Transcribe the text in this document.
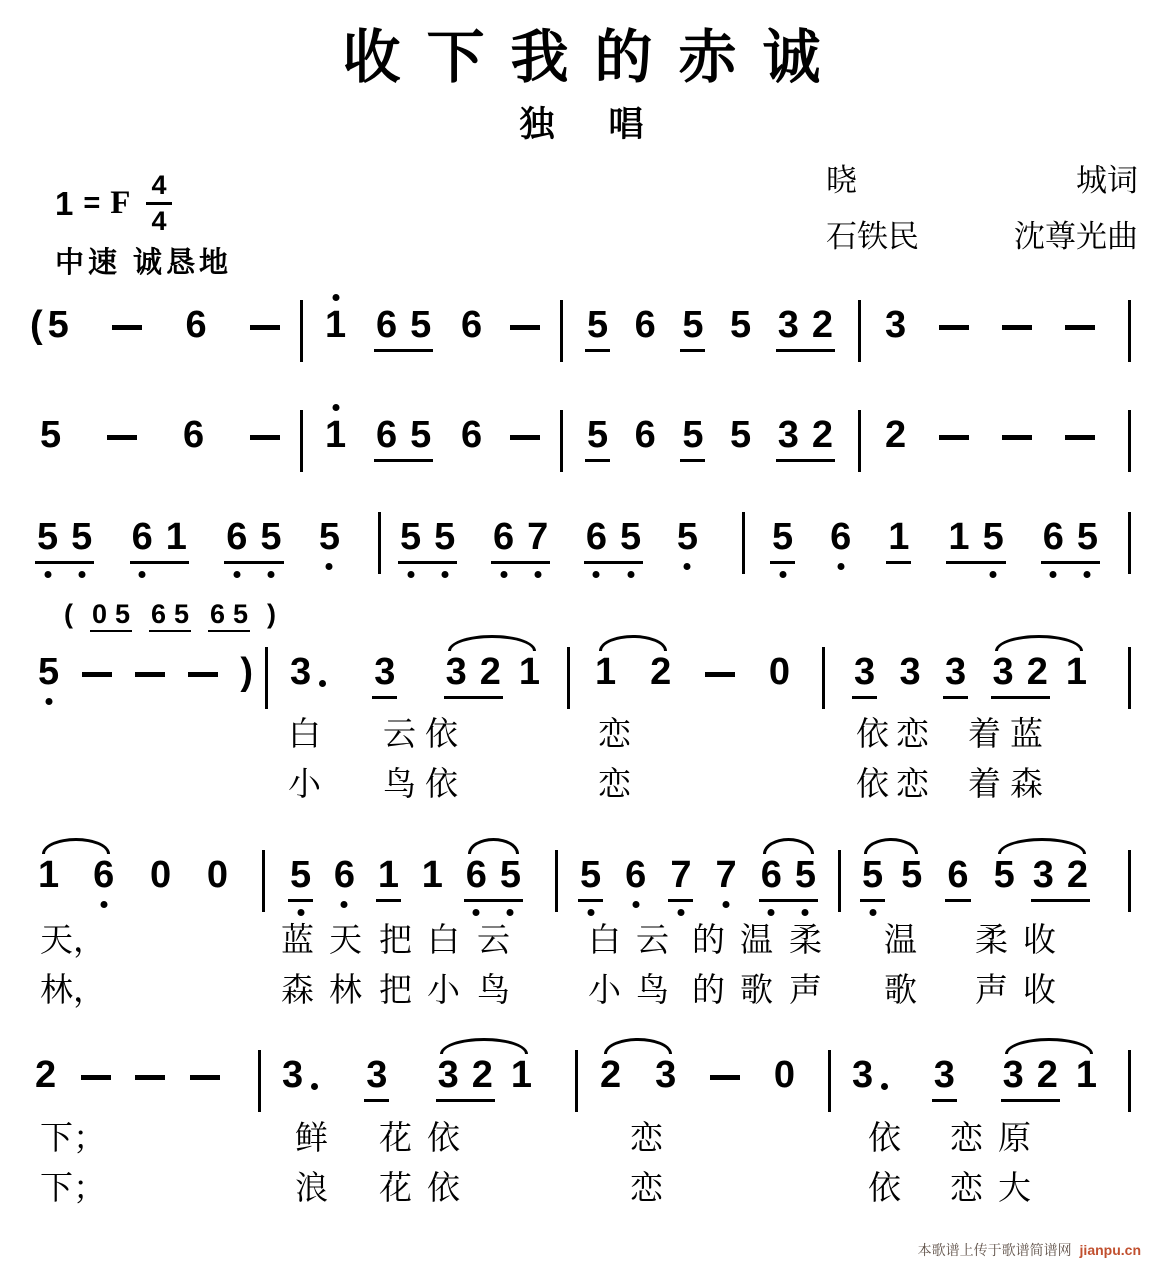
收下我的赤诚
独唱
晓	城词
石铁民	沈尊光曲
1 = F $\frac{4}{4}$
中速 诚恳地
( 5	6	1 6 5 6	5 6 5 5 3 2 3
5	6	1 6 5 6	5 6 5 5 3 2 2
5 5 6 1 6 5 5 5 5 6 7 6 5 5 5 6 1 1 5 6 5
( 0 5 6 5 6 5 )
5	) 3 3 3 2 1 1 2	0 3 3 3 3 2 1
1 6 0 0 5 6 1 1 6 5 5 6 7 7 6 5 5 5 6 5 3 2
2	3 3 3 2 1 2 3	0 3 3 3 2 1
白 云 依	恋	依 恋 着 蓝
小 鸟 依	恋	依 恋 着 森
天，	蓝 天 把 白 云 白 云 的 温 柔 温 柔 收
林，	森 林 把 小 鸟 小 鸟 的 歌 声 歌 声 收
下；	鲜 花 依	恋	依 恋 原
下；	浪 花 依	恋	依 恋 大
本歌谱上传于歌谱简谱网 jianpu.cn
